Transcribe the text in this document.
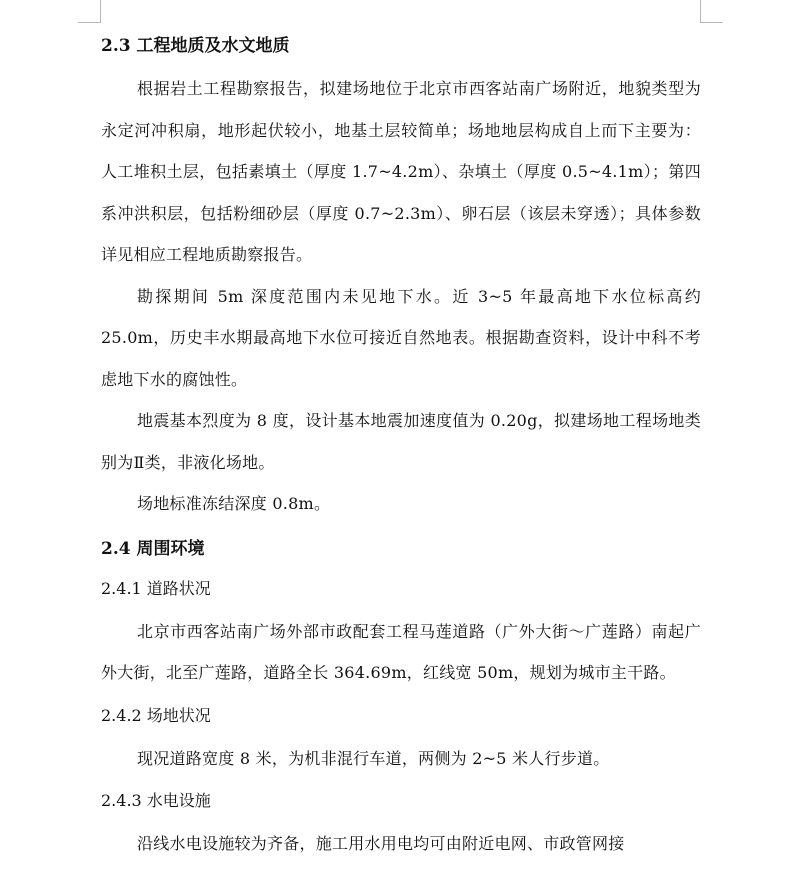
2.3 工程地质及水文地质

根据岩土工程勘察报告，拟建场地位于北京市西客站南广场附近，地貌类型为永定河冲积扇，地形起伏较小，地基土层较简单；场地地层构成自上而下主要为：人工堆积土层，包括素填土（厚度 1.7~4.2m）、杂填土（厚度 0.5~4.1m）；第四系冲洪积层，包括粉细砂层（厚度 0.7~2.3m）、卵石层（该层未穿透）；具体参数详见相应工程地质勘察报告。

勘探期间 5m 深度范围内未见地下水。近 3~5 年最高地下水位标高约 25.0m，历史丰水期最高地下水位可接近自然地表。根据勘查资料，设计中科不考虑地下水的腐蚀性。

地震基本烈度为 8 度，设计基本地震加速度值为 0.20g，拟建场地工程场地类别为Ⅱ类，非液化场地。

场地标准冻结深度 0.8m。

2.4 周围环境

2.4.1 道路状况

北京市西客站南广场外部市政配套工程马莲道路（广外大街～广莲路）南起广外大街，北至广莲路，道路全长 364.69m，红线宽 50m，规划为城市主干路。

2.4.2 场地状况

现况道路宽度 8 米，为机非混行车道，两侧为 2~5 米人行步道。

2.4.3 水电设施

沿线水电设施较为齐备，施工用水用电均可由附近电网、市政管网接
